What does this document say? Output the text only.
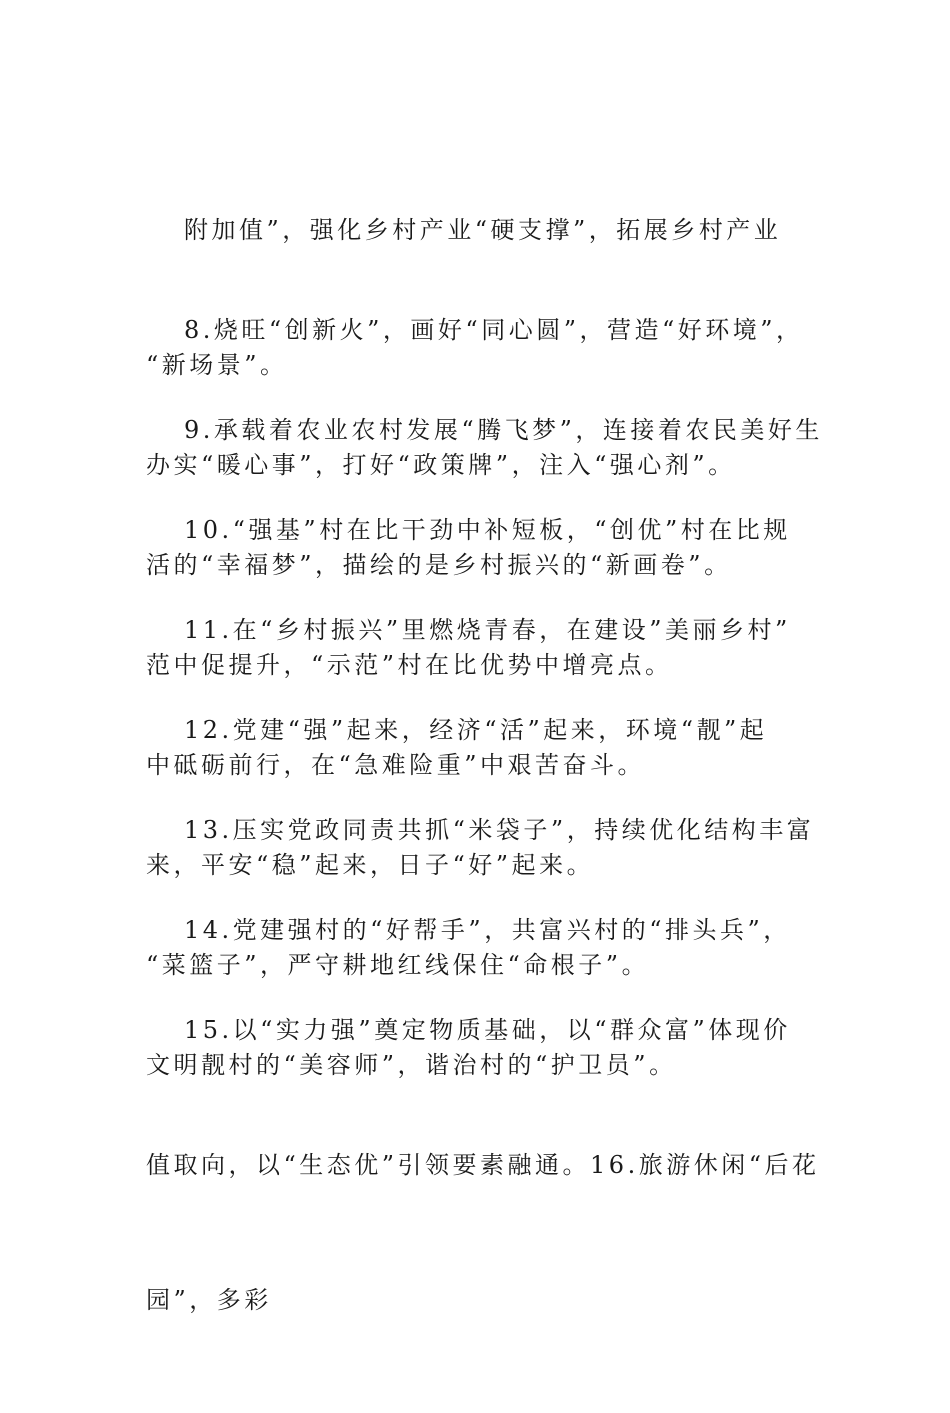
附加值”，强化乡村产业“硬支撑”，拓展乡村产业

“新场景”。

8.烧旺“创新火”，画好“同心圆”，营造“好环境”，

办实“暖心事”，打好“政策牌”，注入“强心剂”。

9.承载着农业农村发展“腾飞梦”，连接着农民美好生

活的“幸福梦”，描绘的是乡村振兴的“新画卷”。

10.“强基”村在比干劲中补短板，“创优”村在比规

范中促提升，“示范”村在比优势中增亮点。

11.在“乡村振兴”里燃烧青春，在建设”美丽乡村”

中砥砺前行，在“急难险重”中艰苦奋斗。

12.党建“强”起来，经济“活”起来，环境“靓”起

来，平安“稳”起来，日子“好”起来。

13.压实党政同责共抓“米袋子”，持续优化结构丰富

“菜篮子”，严守耕地红线保住“命根子”。

14.党建强村的“好帮手”，共富兴村的“排头兵”，

文明靓村的“美容师”，谐治村的“护卫员”。

15.以“实力强”奠定物质基础，以“群众富”体现价

值取向，以“生态优”引领要素融通。16.旅游休闲“后花

园”，多彩
